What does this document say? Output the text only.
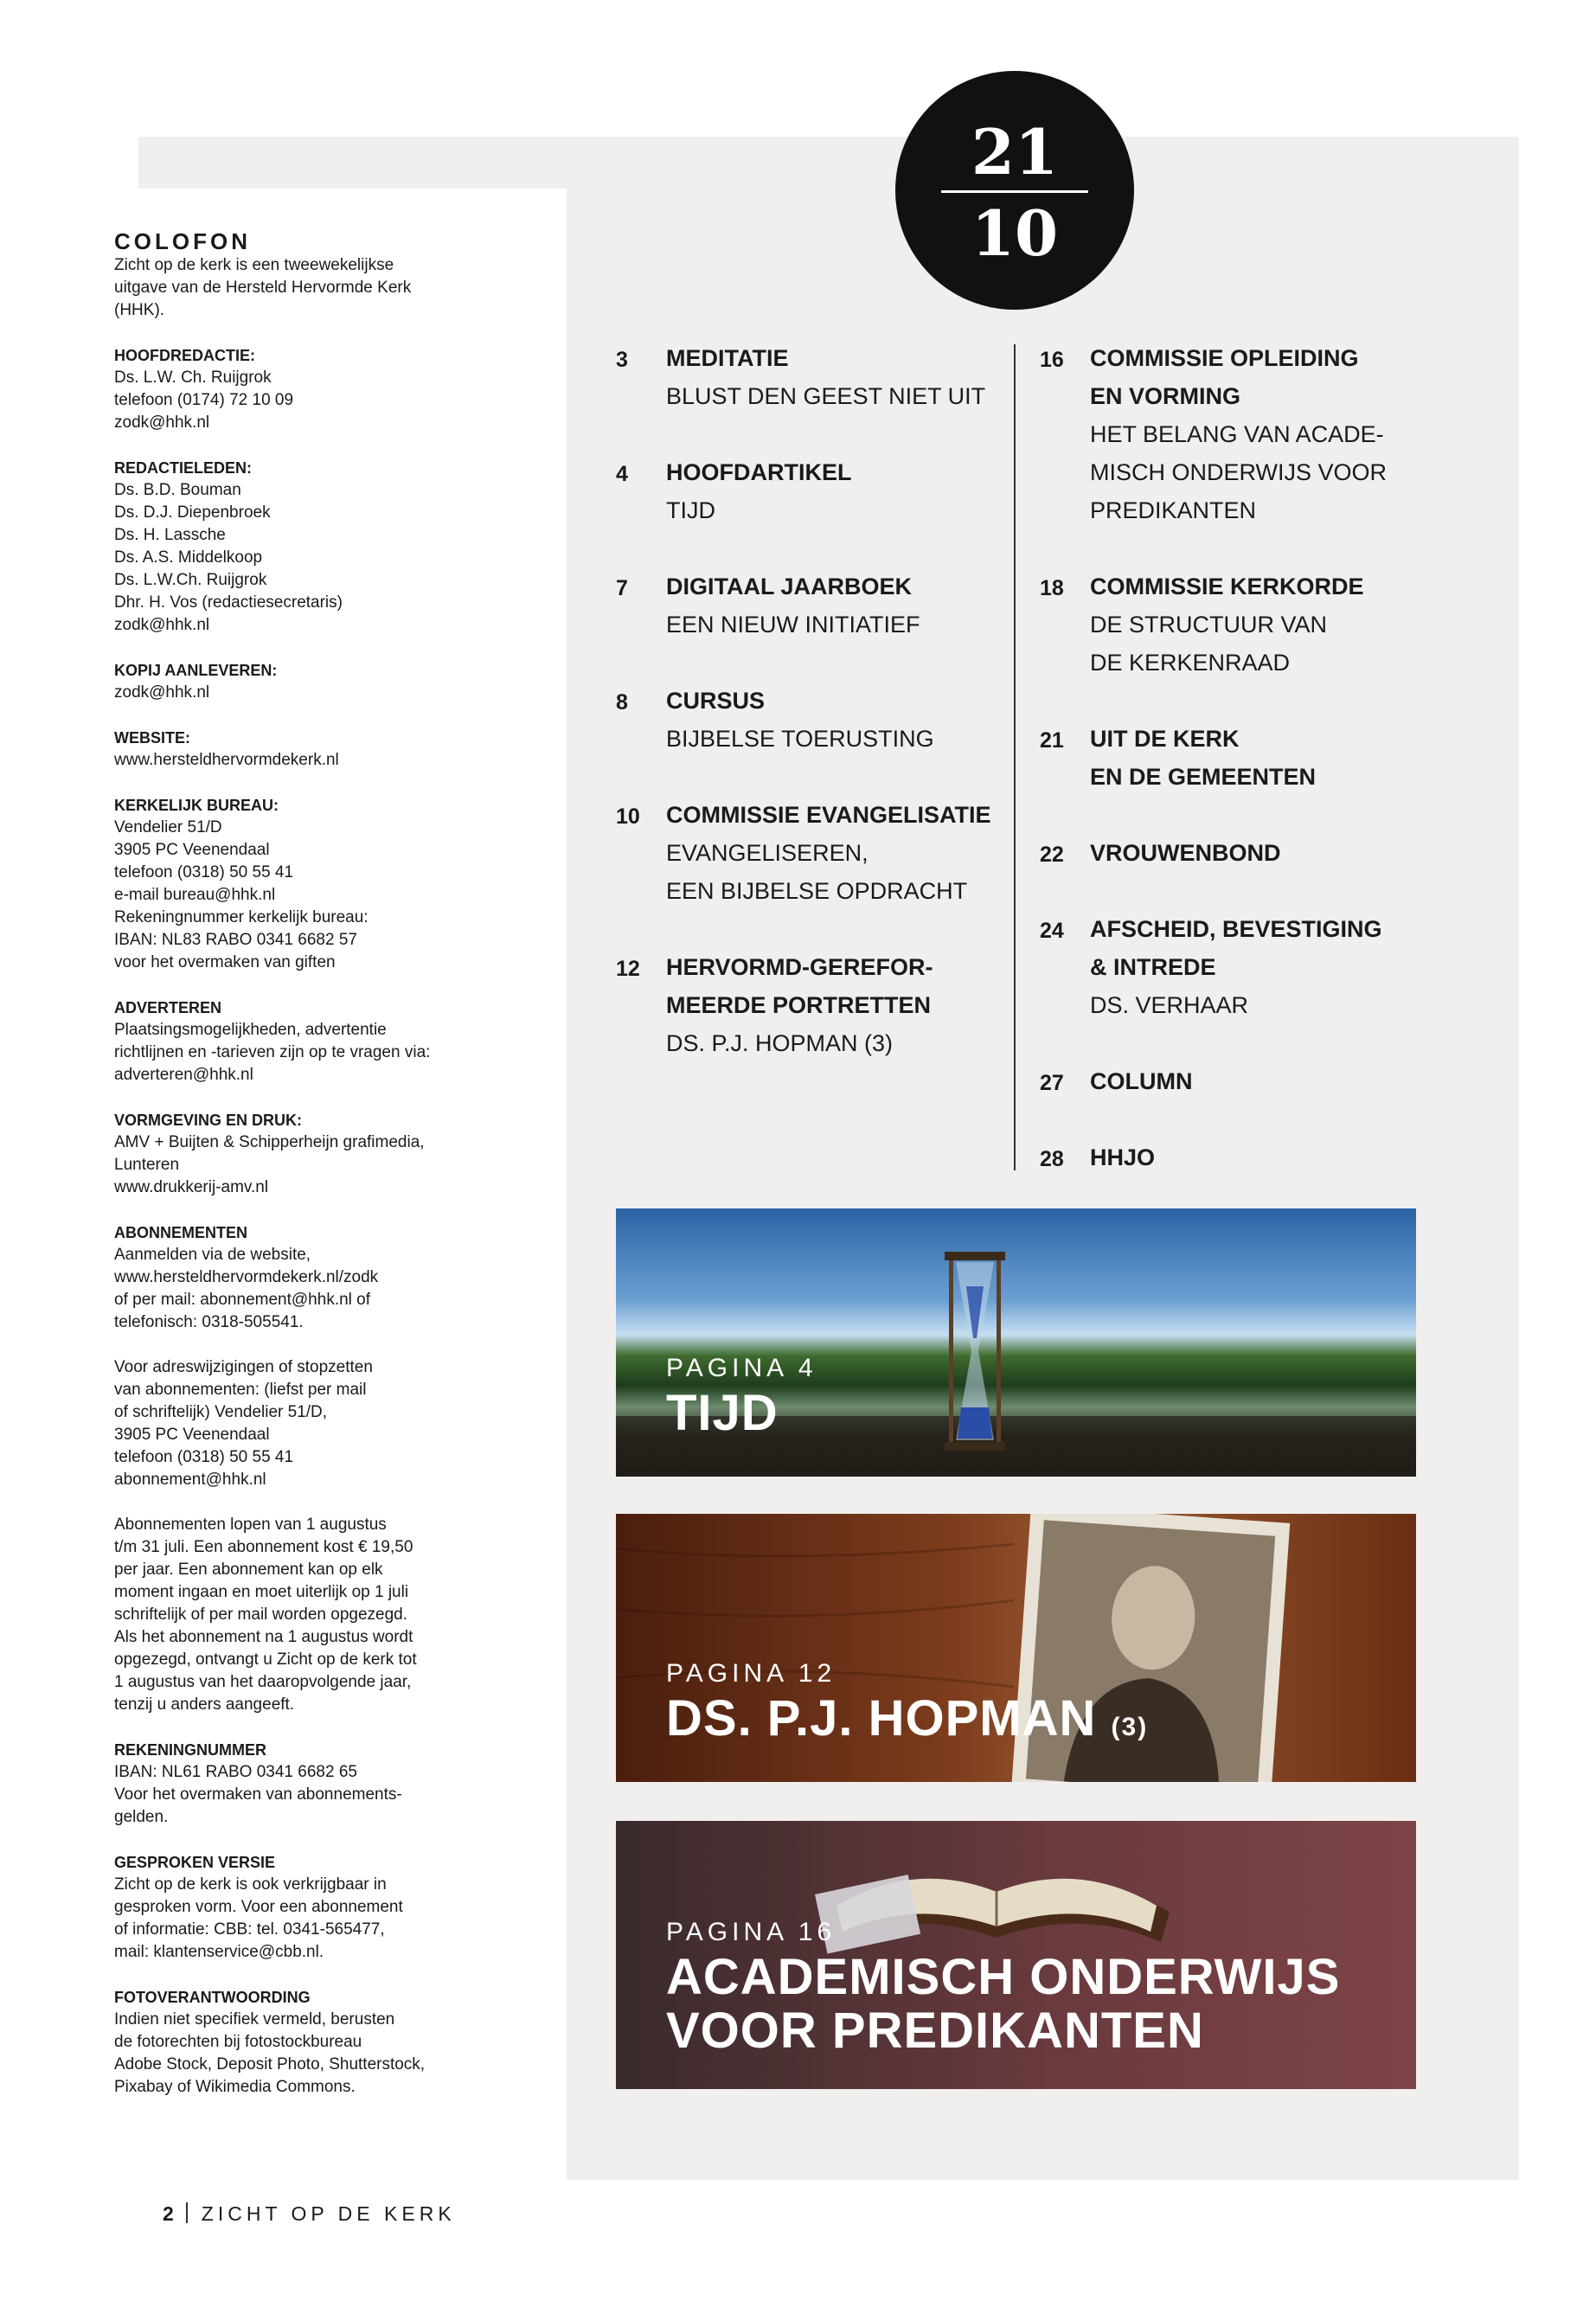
21
10
COLOFON
Zicht op de kerk is een tweewekelijkse
uitgave van de Hersteld Hervormde Kerk
(HHK).
HOOFDREDACTIE:
Ds. L.W. Ch. Ruijgrok
telefoon (0174) 72 10 09
zodk@hhk.nl
REDACTIELEDEN:
Ds. B.D. Bouman
Ds. D.J. Diepenbroek
Ds. H. Lassche
Ds. A.S. Middelkoop
Ds. L.W.Ch. Ruijgrok
Dhr. H. Vos (redactiesecretaris)
zodk@hhk.nl
KOPIJ AANLEVEREN:
zodk@hhk.nl
WEBSITE:
www.hersteldhervormdekerk.nl
KERKELIJK BUREAU:
Vendelier 51/D
3905 PC Veenendaal
telefoon (0318) 50 55 41
e-mail bureau@hhk.nl
Rekeningnummer kerkelijk bureau:
IBAN: NL83 RABO 0341 6682 57
voor het overmaken van giften
ADVERTEREN
Plaatsingsmogelijkheden, advertentie
richtlijnen en -tarieven zijn op te vragen via:
adverteren@hhk.nl
VORMGEVING EN DRUK:
AMV + Buijten & Schipperheijn grafimedia,
Lunteren
www.drukkerij-amv.nl
ABONNEMENTEN
Aanmelden via de website,
www.hersteldhervormdekerk.nl/zodk
of per mail: abonnement@hhk.nl of
telefonisch: 0318-505541.
Voor adreswijzigingen of stopzetten
van abonnementen: (liefst per mail
of schriftelijk) Vendelier 51/D,
3905 PC Veenendaal
telefoon (0318) 50 55 41
abonnement@hhk.nl
Abonnementen lopen van 1 augustus
t/m 31 juli. Een abonnement kost € 19,50
per jaar. Een abonnement kan op elk
moment ingaan en moet uiterlijk op 1 juli
schriftelijk of per mail worden opgezegd.
Als het abonnement na 1 augustus wordt
opgezegd, ontvangt u Zicht op de kerk tot
1 augustus van het daaropvolgende jaar,
tenzij u anders aangeeft.
REKENINGNUMMER
IBAN: NL61 RABO 0341 6682 65
Voor het overmaken van abonnements-
gelden.
GESPROKEN VERSIE
Zicht op de kerk is ook verkrijgbaar in
gesproken vorm. Voor een abonnement
of informatie: CBB: tel. 0341-565477,
mail: klantenservice@cbb.nl.
FOTOVERANTWOORDING
Indien niet specifiek vermeld, berusten
de fotorechten bij fotostockbureau
Adobe Stock, Deposit Photo, Shutterstock,
Pixabay of Wikimedia Commons.
3 MEDITATIE
BLUST DEN GEEST NIET UIT
4 HOOFDARTIKEL
TIJD
7 DIGITAAL JAARBOEK
EEN NIEUW INITIATIEF
8 CURSUS
BIJBELSE TOERUSTING
10 COMMISSIE EVANGELISATIE
EVANGELISEREN,
EEN BIJBELSE OPDRACHT
12 HERVORMD-GEREFOR-
MEERDE PORTRETTEN
DS. P.J. HOPMAN (3)
16 COMMISSIE OPLEIDING
EN VORMING
HET BELANG VAN ACADE-
MISCH ONDERWIJS VOOR
PREDIKANTEN
18 COMMISSIE KERKORDE
DE STRUCTUUR VAN
DE KERKENRAAD
21 UIT DE KERK
EN DE GEMEENTEN
22 VROUWENBOND
24 AFSCHEID, BEVESTIGING
& INTREDE
DS. VERHAAR
27 COLUMN
28 HHJO
PAGINA 4
TIJD
PAGINA 12
DS. P.J. HOPMAN (3)
PAGINA 16
ACADEMISCH ONDERWIJS
VOOR PREDIKANTEN
2 ZICHT OP DE KERK
